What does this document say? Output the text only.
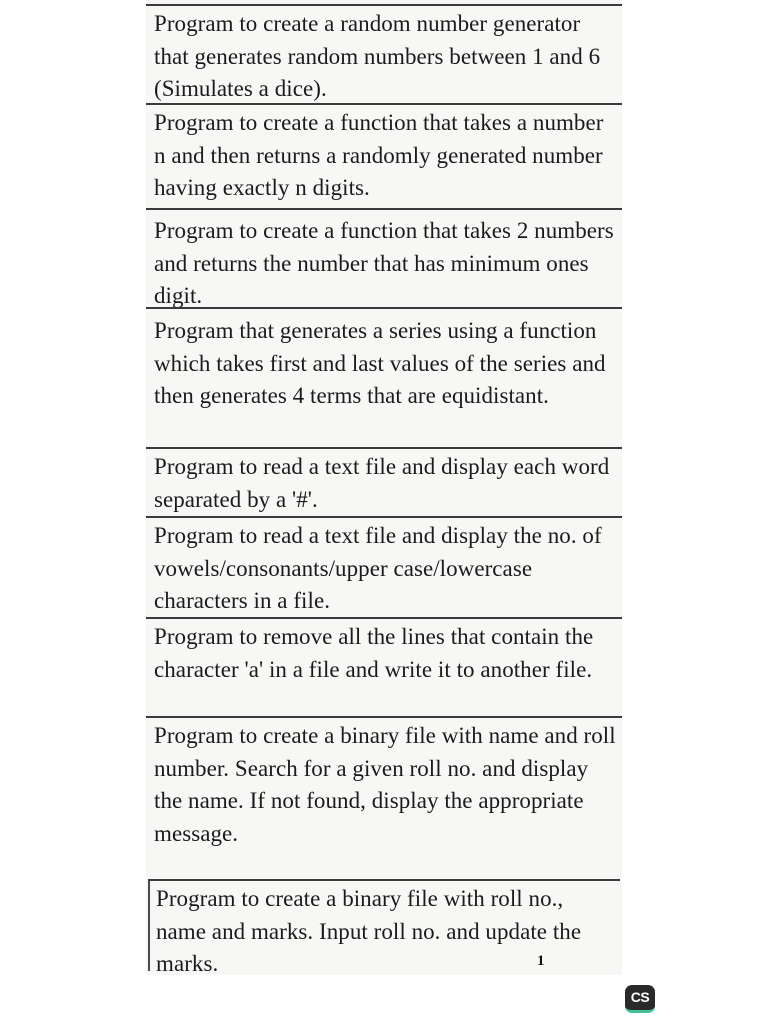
Program to create a random number generator that generates random numbers between 1 and 6 (Simulates a dice).
Program to create a function that takes a number n and then returns a randomly generated number having exactly n digits.
Program to create a function that takes 2 numbers and returns the number that has minimum ones digit.
Program that generates a series using a function which takes first and last values of the series and then generates 4 terms that are equidistant.
Program to read a text file and display each word separated by a '#'.
Program to read a text file and display the no. of vowels/consonants/upper case/lowercase characters in a file.
Program to remove all the lines that contain the character 'a' in a file and write it to another file.
Program to create a binary file with name and roll number. Search for a given roll no. and display the name. If not found, display the appropriate message.
Program to create a binary file with roll no., name and marks. Input roll no. and update the marks.	1
CS
